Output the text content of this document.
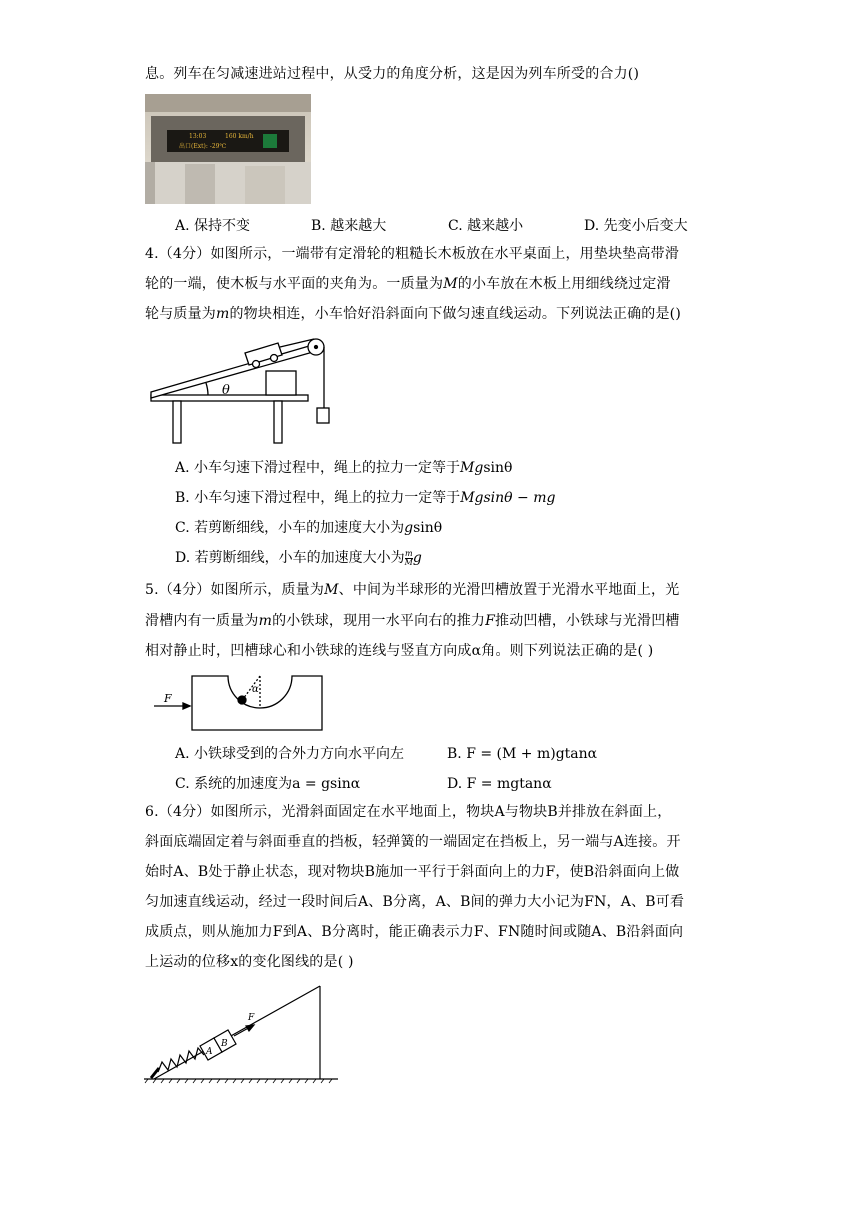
息。列车在匀减速进站过程中，从受力的角度分析，这是因为列车所受的合力()
13:03	160 km/h
出口(Ext): -29℃
A. 保持不变	B. 越来越大	C. 越来越小	D. 先变小后变大
4.（4分）如图所示，一端带有定滑轮的粗糙长木板放在水平桌面上，用垫块垫高带滑
轮的一端，使木板与水平面的夹角为。一质量为M的小车放在木板上用细线绕过定滑
轮与质量为m的物块相连，小车恰好沿斜面向下做匀速直线运动。下列说法正确的是()
θ
A. 小车匀速下滑过程中，绳上的拉力一定等于Mgsinθ
B. 小车匀速下滑过程中，绳上的拉力一定等于Mgsinθ − mg
C. 若剪断细线，小车的加速度大小为gsinθ
D. 若剪断细线，小车的加速度大小为 $\frac{m}{M}$ g
5.（4分）如图所示，质量为M、中间为半球形的光滑凹槽放置于光滑水平地面上，光
滑槽内有一质量为m的小铁球，现用一水平向右的推力F推动凹槽，小铁球与光滑凹槽
相对静止时，凹槽球心和小铁球的连线与竖直方向成α角。则下列说法正确的是( )
F
α
A. 小铁球受到的合外力方向水平向左	B. F = (M + m)gtanα
C. 系统的加速度为a = gsinα	D. F = mgtanα
6.（4分）如图所示，光滑斜面固定在水平地面上，物块A与物块B并排放在斜面上，
斜面底端固定着与斜面垂直的挡板，轻弹簧的一端固定在挡板上，另一端与A连接。开
始时A、B处于静止状态，现对物块B施加一平行于斜面向上的力F，使B沿斜面向上做
匀加速直线运动，经过一段时间后A、B分离，A、B间的弹力大小记为FN，A、B可看
成质点，则从施加力F到A、B分离时，能正确表示力F、FN随时间或随A、B沿斜面向
上运动的位移x的变化图线的是( )
A
B
F
